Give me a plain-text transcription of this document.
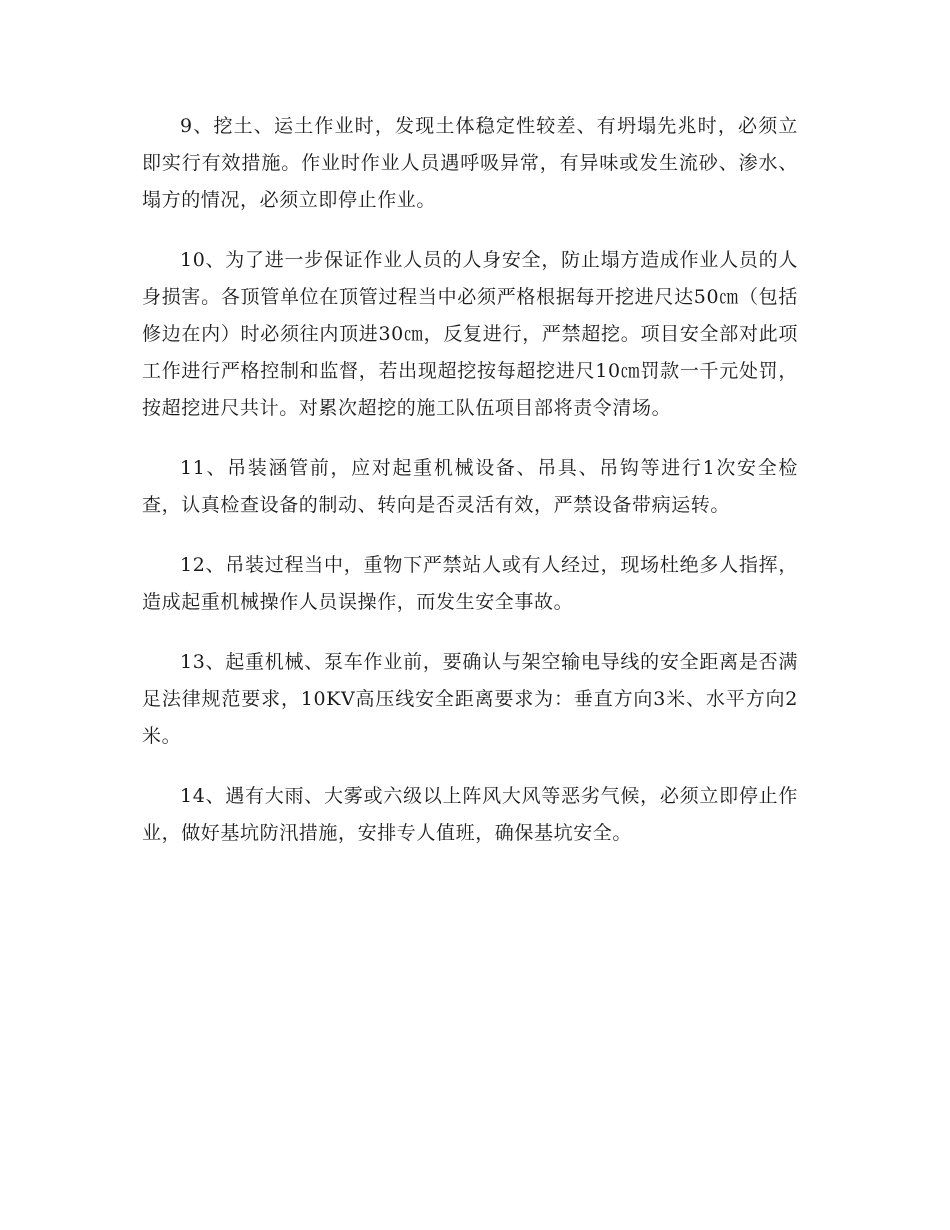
9、挖土、运土作业时，发现土体稳定性较差、有坍塌先兆时，必须立即实行有效措施。作业时作业人员遇呼吸异常，有异味或发生流砂、渗水、塌方的情况，必须立即停止作业。

10、为了进一步保证作业人员的人身安全，防止塌方造成作业人员的人身损害。各顶管单位在顶管过程当中必须严格根据每开挖进尺达50㎝（包括修边在内）时必须往内顶进30㎝，反复进行，严禁超挖。项目安全部对此项工作进行严格控制和监督，若出现超挖按每超挖进尺10㎝罚款一千元处罚，按超挖进尺共计。对累次超挖的施工队伍项目部将责令清场。

11、吊装涵管前，应对起重机械设备、吊具、吊钩等进行1次安全检查，认真检查设备的制动、转向是否灵活有效，严禁设备带病运转。

12、吊装过程当中，重物下严禁站人或有人经过，现场杜绝多人指挥，造成起重机械操作人员误操作，而发生安全事故。

13、起重机械、泵车作业前，要确认与架空输电导线的安全距离是否满足法律规范要求，10KV高压线安全距离要求为：垂直方向3米、水平方向2米。

14、遇有大雨、大雾或六级以上阵风大风等恶劣气候，必须立即停止作业，做好基坑防汛措施，安排专人值班，确保基坑安全。
